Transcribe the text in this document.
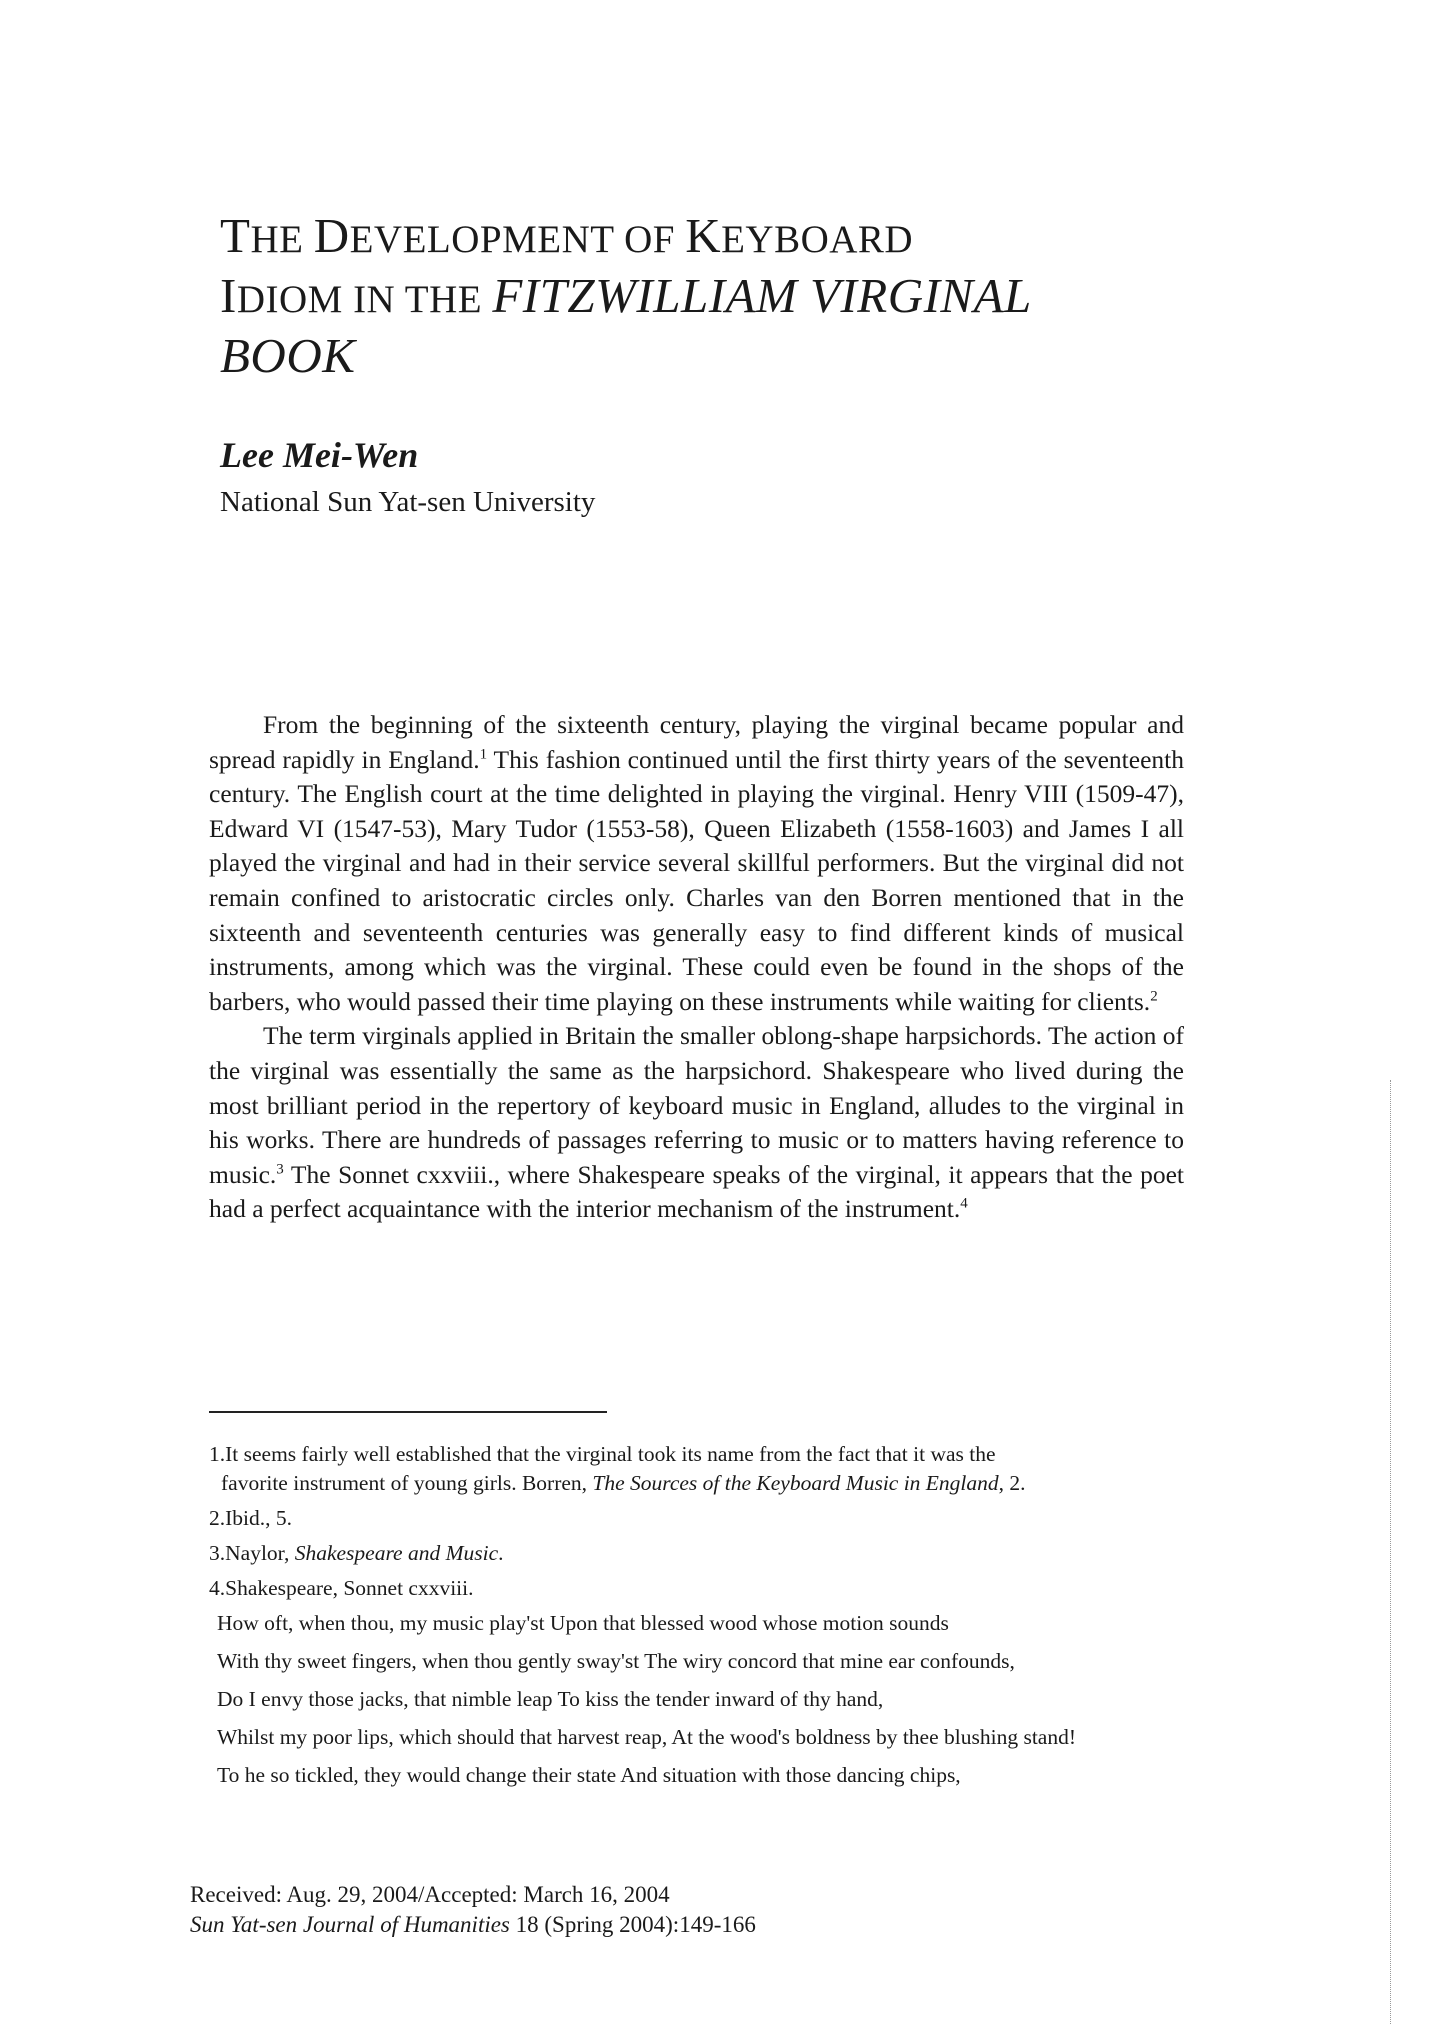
THE DEVELOPMENT OF KEYBOARD
IDIOM IN THE FITZWILLIAM VIRGINAL
BOOK
Lee Mei-Wen
National Sun Yat-sen University

From the beginning of the sixteenth century, playing the virginal became popular and spread rapidly in England.$^1$ This fashion continued until the first thirty years of the seventeenth century. The English court at the time delighted in playing the virginal. Henry VIII (1509-47), Edward VI (1547-53), Mary Tudor (1553-58), Queen Elizabeth (1558-1603) and James I all played the virginal and had in their service several skillful performers. But the virginal did not remain confined to aristocratic circles only. Charles van den Borren mentioned that in the sixteenth and seventeenth centuries was generally easy to find different kinds of musical instruments, among which was the virginal. These could even be found in the shops of the barbers, who would passed their time playing on these instruments while waiting for clients.$^2$

The term virginals applied in Britain the smaller oblong-shape harpsichords. The action of the virginal was essentially the same as the harpsichord. Shakespeare who lived during the most brilliant period in the repertory of keyboard music in England, alludes to the virginal in his works. There are hundreds of passages referring to music or to matters having reference to music.$^3$ The Sonnet cxxviii., where Shakespeare speaks of the virginal, it appears that the poet had a perfect acquaintance with the interior mechanism of the instrument.$^4$

1.It seems fairly well established that the virginal took its name from the fact that it was the
favorite instrument of young girls. Borren, The Sources of the Keyboard Music in England, 2.
2.Ibid., 5.
3.Naylor, Shakespeare and Music.
4.Shakespeare, Sonnet cxxviii.
How oft, when thou, my music play'st Upon that blessed wood whose motion sounds
With thy sweet fingers, when thou gently sway'st The wiry concord that mine ear confounds,
Do I envy those jacks, that nimble leap To kiss the tender inward of thy hand,
Whilst my poor lips, which should that harvest reap, At the wood's boldness by thee blushing stand!
To he so tickled, they would change their state And situation with those dancing chips,
Received: Aug. 29, 2004/Accepted: March 16, 2004
Sun Yat-sen Journal of Humanities 18 (Spring 2004):149-166
